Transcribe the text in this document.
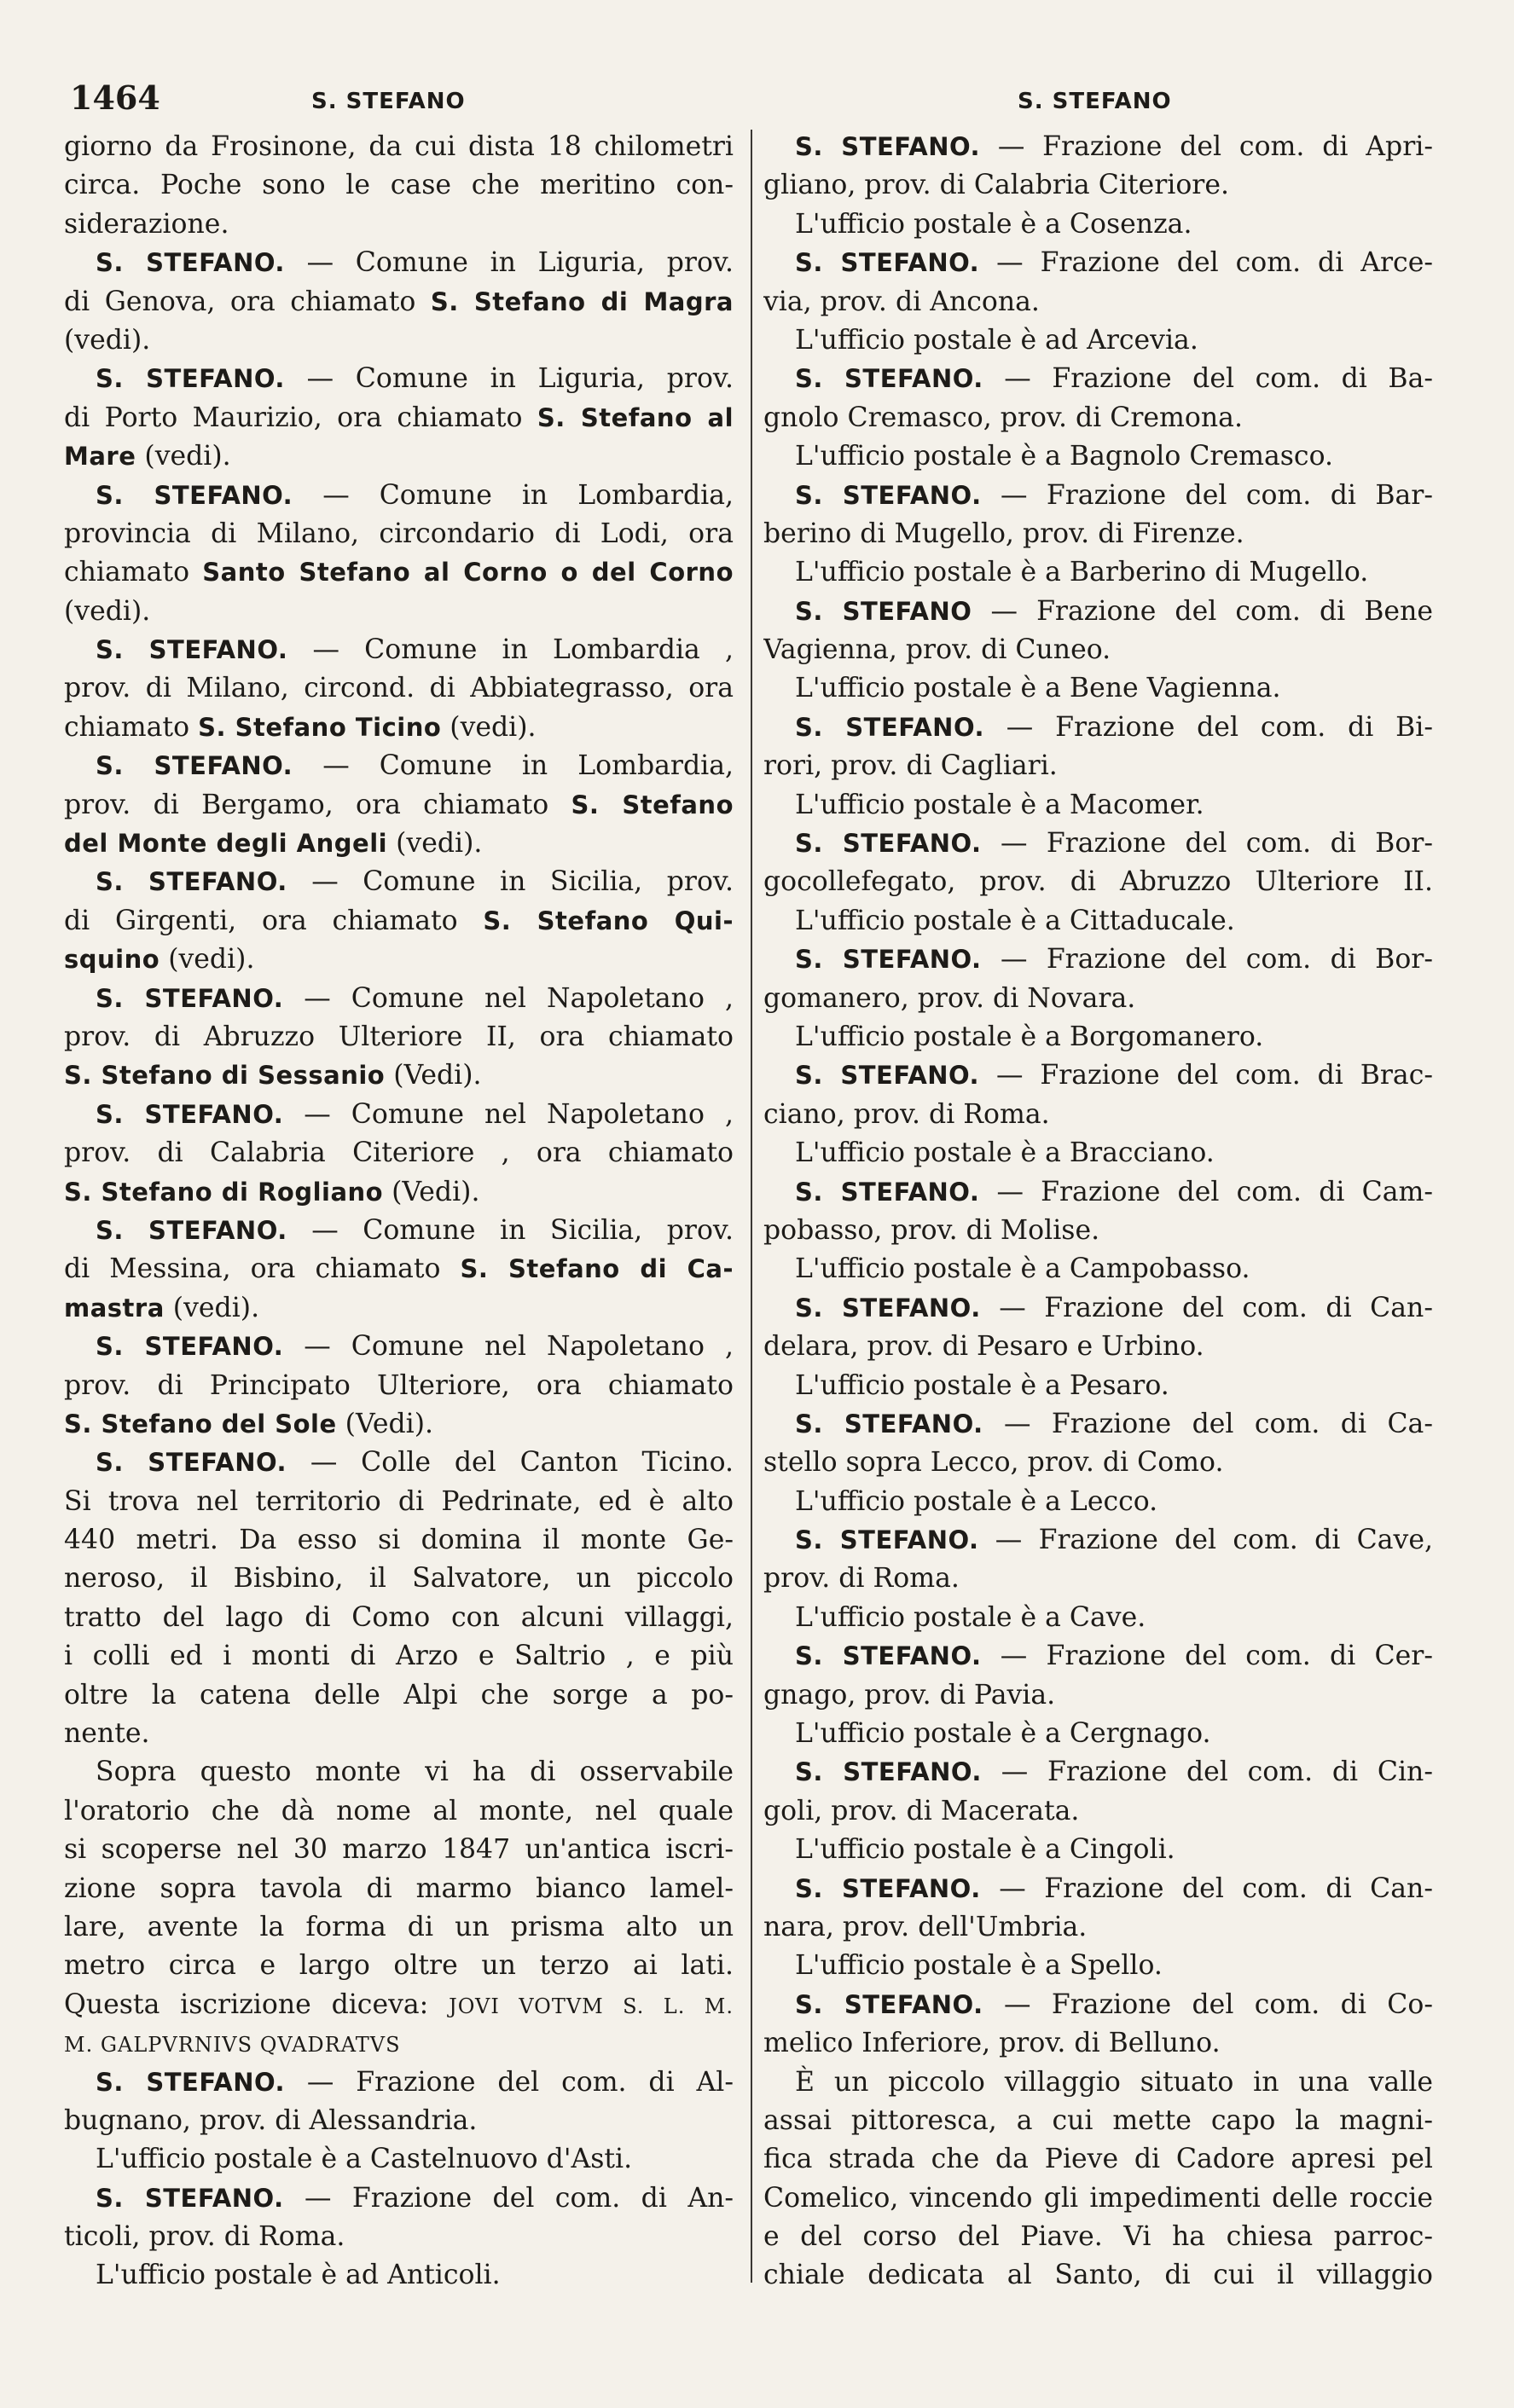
1464	S. STEFANO	S. STEFANO
giorno da Frosinone, da cui dista 18 chilometri
circa. Poche sono le case che meritino con-
siderazione.
S. STEFANO. — Comune in Liguria, prov.
di Genova, ora chiamato S. Stefano di Magra
(vedi).
S. STEFANO. — Comune in Liguria, prov.
di Porto Maurizio, ora chiamato S. Stefano al
Mare (vedi).
S. STEFANO. — Comune in Lombardia,
provincia di Milano, circondario di Lodi, ora
chiamato Santo Stefano al Corno o del Corno
(vedi).
S. STEFANO. — Comune in Lombardia ,
prov. di Milano, circond. di Abbiategrasso, ora
chiamato S. Stefano Ticino (vedi).
S. STEFANO. — Comune in Lombardia,
prov. di Bergamo, ora chiamato S. Stefano
del Monte degli Angeli (vedi).
S. STEFANO. — Comune in Sicilia, prov.
di Girgenti, ora chiamato S. Stefano Qui-
squino (vedi).
S. STEFANO. — Comune nel Napoletano ,
prov. di Abruzzo Ulteriore II, ora chiamato
S. Stefano di Sessanio (Vedi).
S. STEFANO. — Comune nel Napoletano ,
prov. di Calabria Citeriore , ora chiamato
S. Stefano di Rogliano (Vedi).
S. STEFANO. — Comune in Sicilia, prov.
di Messina, ora chiamato S. Stefano di Ca-
mastra (vedi).
S. STEFANO. — Comune nel Napoletano ,
prov. di Principato Ulteriore, ora chiamato
S. Stefano del Sole (Vedi).
S. STEFANO. — Colle del Canton Ticino.
Si trova nel territorio di Pedrinate, ed è alto
440 metri. Da esso si domina il monte Ge-
neroso, il Bisbino, il Salvatore, un piccolo
tratto del lago di Como con alcuni villaggi,
i colli ed i monti di Arzo e Saltrio , e più
oltre la catena delle Alpi che sorge a po-
nente.
Sopra questo monte vi ha di osservabile
l'oratorio che dà nome al monte, nel quale
si scoperse nel 30 marzo 1847 un'antica iscri-
zione sopra tavola di marmo bianco lamel-
lare, avente la forma di un prisma alto un
metro circa e largo oltre un terzo ai lati.
Questa iscrizione diceva: JOVI VOTVM S. L. M.
M. GALPVRNIVS QVADRATVS
S. STEFANO. — Frazione del com. di Al-
bugnano, prov. di Alessandria.
L'ufficio postale è a Castelnuovo d'Asti.
S. STEFANO. — Frazione del com. di An-
ticoli, prov. di Roma.
L'ufficio postale è ad Anticoli.
S. STEFANO. — Frazione del com. di Apri-
gliano, prov. di Calabria Citeriore.
L'ufficio postale è a Cosenza.
S. STEFANO. — Frazione del com. di Arce-
via, prov. di Ancona.
L'ufficio postale è ad Arcevia.
S. STEFANO. — Frazione del com. di Ba-
gnolo Cremasco, prov. di Cremona.
L'ufficio postale è a Bagnolo Cremasco.
S. STEFANO. — Frazione del com. di Bar-
berino di Mugello, prov. di Firenze.
L'ufficio postale è a Barberino di Mugello.
S. STEFANO — Frazione del com. di Bene
Vagienna, prov. di Cuneo.
L'ufficio postale è a Bene Vagienna.
S. STEFANO. — Frazione del com. di Bi-
rori, prov. di Cagliari.
L'ufficio postale è a Macomer.
S. STEFANO. — Frazione del com. di Bor-
gocollefegato, prov. di Abruzzo Ulteriore II.
L'ufficio postale è a Cittaducale.
S. STEFANO. — Frazione del com. di Bor-
gomanero, prov. di Novara.
L'ufficio postale è a Borgomanero.
S. STEFANO. — Frazione del com. di Brac-
ciano, prov. di Roma.
L'ufficio postale è a Bracciano.
S. STEFANO. — Frazione del com. di Cam-
pobasso, prov. di Molise.
L'ufficio postale è a Campobasso.
S. STEFANO. — Frazione del com. di Can-
delara, prov. di Pesaro e Urbino.
L'ufficio postale è a Pesaro.
S. STEFANO. — Frazione del com. di Ca-
stello sopra Lecco, prov. di Como.
L'ufficio postale è a Lecco.
S. STEFANO. — Frazione del com. di Cave,
prov. di Roma.
L'ufficio postale è a Cave.
S. STEFANO. — Frazione del com. di Cer-
gnago, prov. di Pavia.
L'ufficio postale è a Cergnago.
S. STEFANO. — Frazione del com. di Cin-
goli, prov. di Macerata.
L'ufficio postale è a Cingoli.
S. STEFANO. — Frazione del com. di Can-
nara, prov. dell'Umbria.
L'ufficio postale è a Spello.
S. STEFANO. — Frazione del com. di Co-
melico Inferiore, prov. di Belluno.
È un piccolo villaggio situato in una valle
assai pittoresca, a cui mette capo la magni-
fica strada che da Pieve di Cadore apresi pel
Comelico, vincendo gli impedimenti delle roccie
e del corso del Piave. Vi ha chiesa parroc-
chiale dedicata al Santo, di cui il villaggio
